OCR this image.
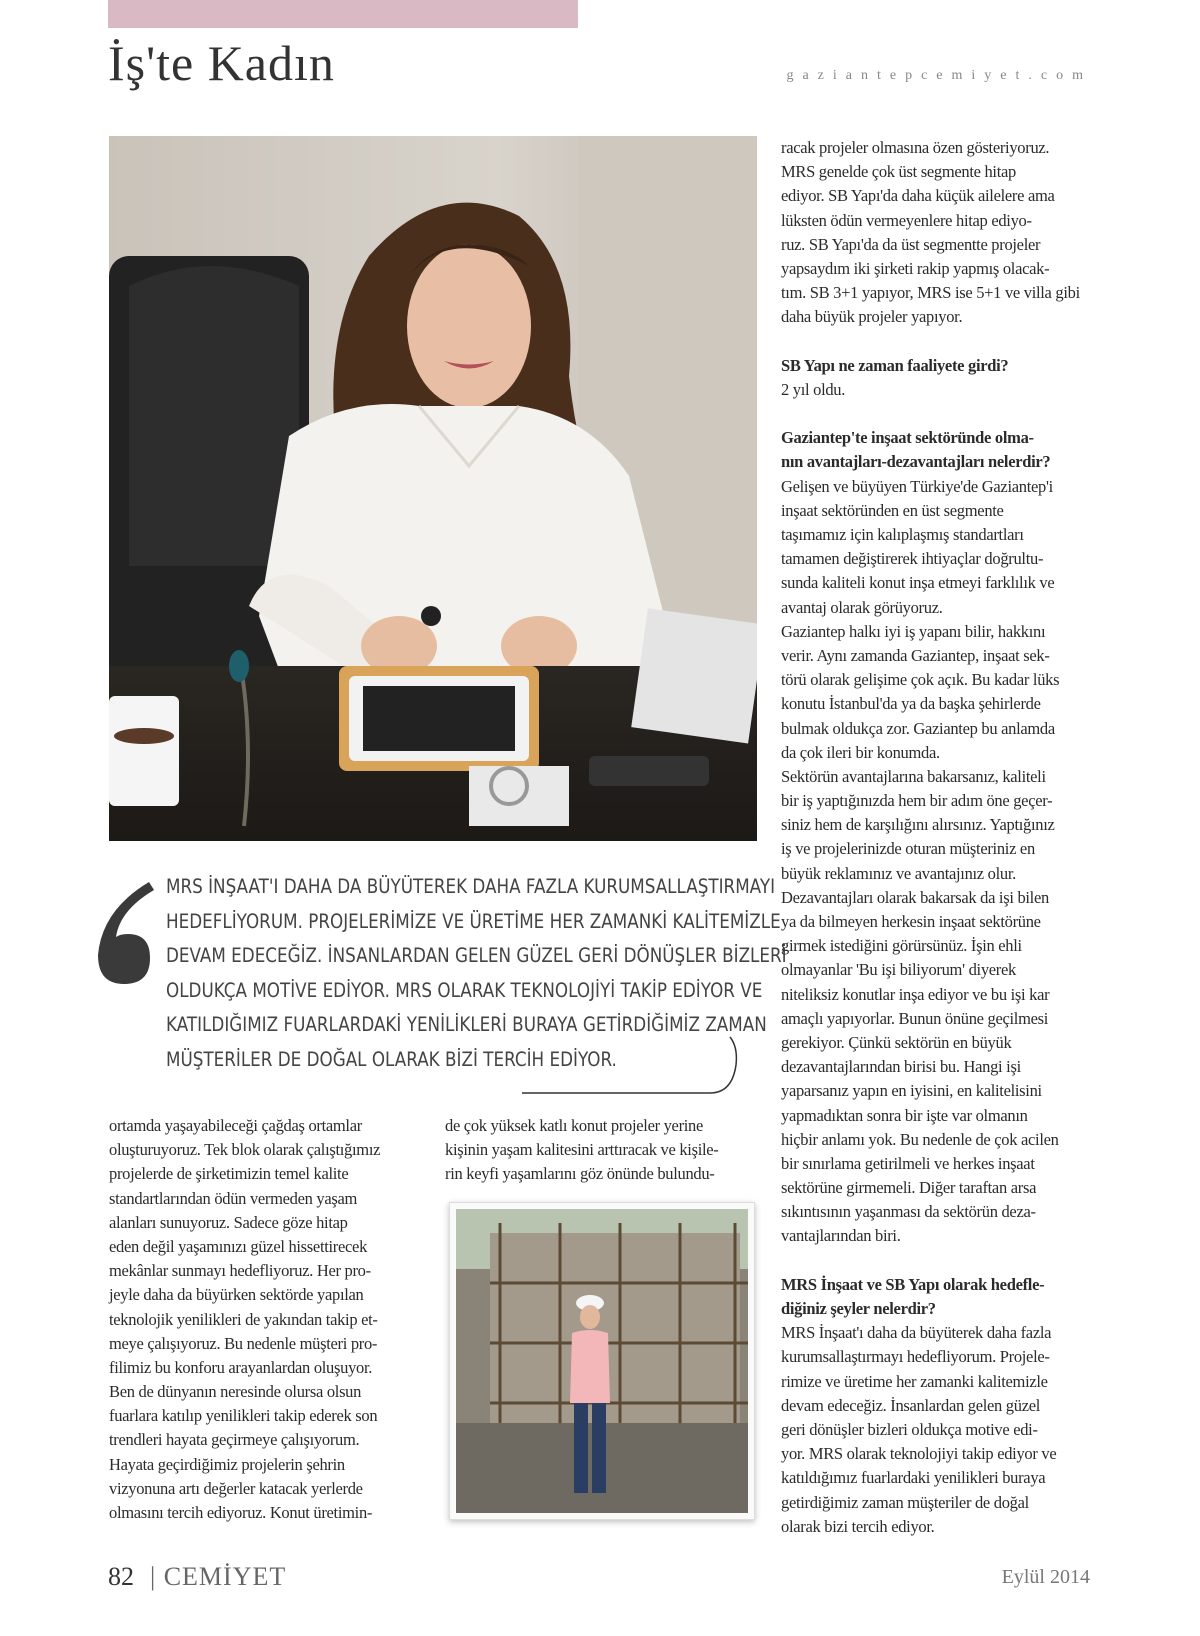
İş'te Kadın	gaziantepcemiyet.com
MRS İNŞAAT'I DAHA DA BÜYÜTEREK DAHA FAZLA KURUMSALLAŞTIRMAYI
HEDEFLİYORUM. PROJELERİMİZE VE ÜRETİME HER ZAMANKİ KALİTEMİZLE
DEVAM EDECEĞİZ. İNSANLARDAN GELEN GÜZEL GERİ DÖNÜŞLER BİZLERİ
OLDUKÇA MOTİVE EDİYOR. MRS OLARAK TEKNOLOJİYİ TAKİP EDİYOR VE
KATILDIĞIMIZ FUARLARDAKİ YENİLİKLERİ BURAYA GETİRDİĞİMİZ ZAMAN
MÜŞTERİLER DE DOĞAL OLARAK BİZİ TERCİH EDİYOR.
ortamda yaşayabileceği çağdaş ortamlar
oluşturuyoruz. Tek blok olarak çalıştığımız
projelerde de şirketimizin temel kalite
standartlarından ödün vermeden yaşam
alanları sunuyoruz. Sadece göze hitap
eden değil yaşamınızı güzel hissettirecek
mekânlar sunmayı hedefliyoruz. Her pro-
jeyle daha da büyürken sektörde yapılan
teknolojik yenilikleri de yakından takip et-
meye çalışıyoruz. Bu nedenle müşteri pro-
filimiz bu konforu arayanlardan oluşuyor.
Ben de dünyanın neresinde olursa olsun
fuarlara katılıp yenilikleri takip ederek son
trendleri hayata geçirmeye çalışıyorum.
Hayata geçirdiğimiz projelerin şehrin
vizyonuna artı değerler katacak yerlerde
olmasını tercih ediyoruz. Konut üretimin-
de çok yüksek katlı konut projeler yerine
kişinin yaşam kalitesini arttıracak ve kişile-
rin keyfi yaşamlarını göz önünde bulundu-
racak projeler olmasına özen gösteriyoruz.
MRS genelde çok üst segmente hitap
ediyor. SB Yapı'da daha küçük ailelere ama
lüksten ödün vermeyenlere hitap ediyo-
ruz. SB Yapı'da da üst segmentte projeler
yapsaydım iki şirketi rakip yapmış olacak-
tım. SB 3+1 yapıyor, MRS ise 5+1 ve villa gibi
daha büyük projeler yapıyor.
SB Yapı ne zaman faaliyete girdi?
2 yıl oldu.
Gaziantep'te inşaat sektöründe olma-
nın avantajları-dezavantajları nelerdir?
Gelişen ve büyüyen Türkiye'de Gaziantep'i
inşaat sektöründen en üst segmente
taşımamız için kalıplaşmış standartları
tamamen değiştirerek ihtiyaçlar doğrultu-
sunda kaliteli konut inşa etmeyi farklılık ve
avantaj olarak görüyoruz.
Gaziantep halkı iyi iş yapanı bilir, hakkını
verir. Aynı zamanda Gaziantep, inşaat sek-
törü olarak gelişime çok açık. Bu kadar lüks
konutu İstanbul'da ya da başka şehirlerde
bulmak oldukça zor. Gaziantep bu anlamda
da çok ileri bir konumda.
Sektörün avantajlarına bakarsanız, kaliteli
bir iş yaptığınızda hem bir adım öne geçer-
siniz hem de karşılığını alırsınız. Yaptığınız
iş ve projelerinizde oturan müşteriniz en
büyük reklamınız ve avantajınız olur.
Dezavantajları olarak bakarsak da işi bilen
ya da bilmeyen herkesin inşaat sektörüne
girmek istediğini görürsünüz. İşin ehli
olmayanlar 'Bu işi biliyorum' diyerek
niteliksiz konutlar inşa ediyor ve bu işi kar
amaçlı yapıyorlar. Bunun önüne geçilmesi
gerekiyor. Çünkü sektörün en büyük
dezavantajlarından birisi bu. Hangi işi
yaparsanız yapın en iyisini, en kalitelisini
yapmadıktan sonra bir işte var olmanın
hiçbir anlamı yok. Bu nedenle de çok acilen
bir sınırlama getirilmeli ve herkes inşaat
sektörüne girmemeli. Diğer taraftan arsa
sıkıntısının yaşanması da sektörün deza-
vantajlarından biri.
MRS İnşaat ve SB Yapı olarak hedefle-
diğiniz şeyler nelerdir?
MRS İnşaat'ı daha da büyüterek daha fazla
kurumsallaştırmayı hedefliyorum. Projele-
rimize ve üretime her zamanki kalitemizle
devam edeceğiz. İnsanlardan gelen güzel
geri dönüşler bizleri oldukça motive edi-
yor. MRS olarak teknolojiyi takip ediyor ve
katıldığımız fuarlardaki yenilikleri buraya
getirdiğimiz zaman müşteriler de doğal
olarak bizi tercih ediyor.
82 | CEMİYET	Eylül 2014
